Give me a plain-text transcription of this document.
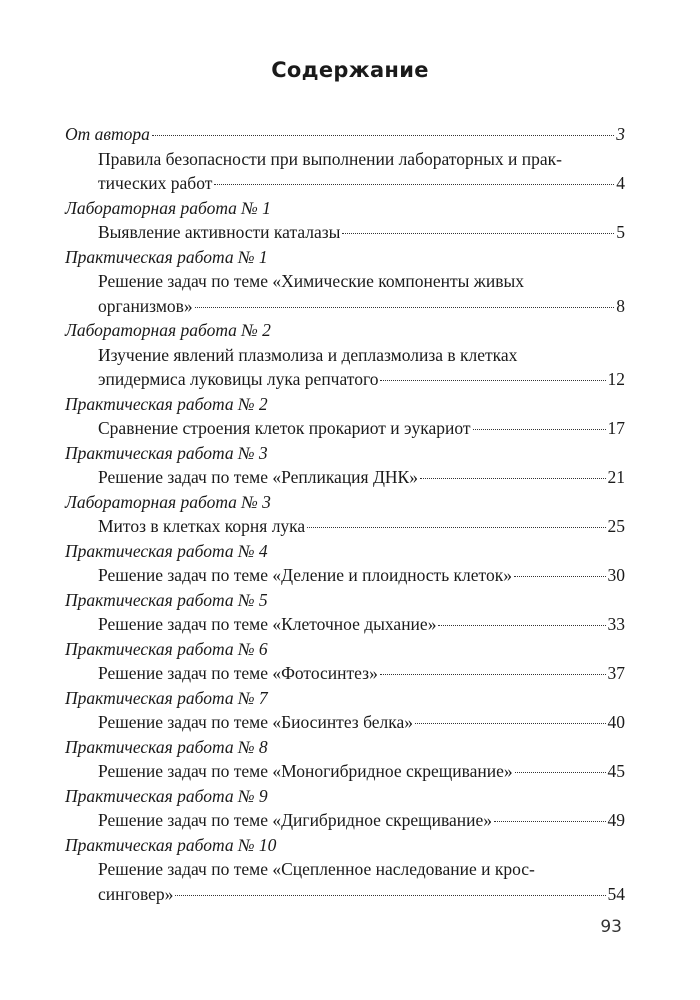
Содержание
От автора	3
Правила безопасности при выполнении лабораторных и прак-
тических работ	4
Лабораторная работа № 1
Выявление активности каталазы	5
Практическая работа № 1
Решение задач по теме «Химические компоненты живых
организмов»	8
Лабораторная работа № 2
Изучение явлений плазмолиза и деплазмолиза в клетках
эпидермиса луковицы лука репчатого	12
Практическая работа № 2
Сравнение строения клеток прокариот и эукариот	17
Практическая работа № 3
Решение задач по теме «Репликация ДНК»	21
Лабораторная работа № 3
Митоз в клетках корня лука	25
Практическая работа № 4
Решение задач по теме «Деление и плоидность клеток»	30
Практическая работа № 5
Решение задач по теме «Клеточное дыхание»	33
Практическая работа № 6
Решение задач по теме «Фотосинтез»	37
Практическая работа № 7
Решение задач по теме «Биосинтез белка»	40
Практическая работа № 8
Решение задач по теме «Моногибридное скрещивание»	45
Практическая работа № 9
Решение задач по теме «Дигибридное скрещивание»	49
Практическая работа № 10
Решение задач по теме «Сцепленное наследование и крос-
синговер»	54
93
